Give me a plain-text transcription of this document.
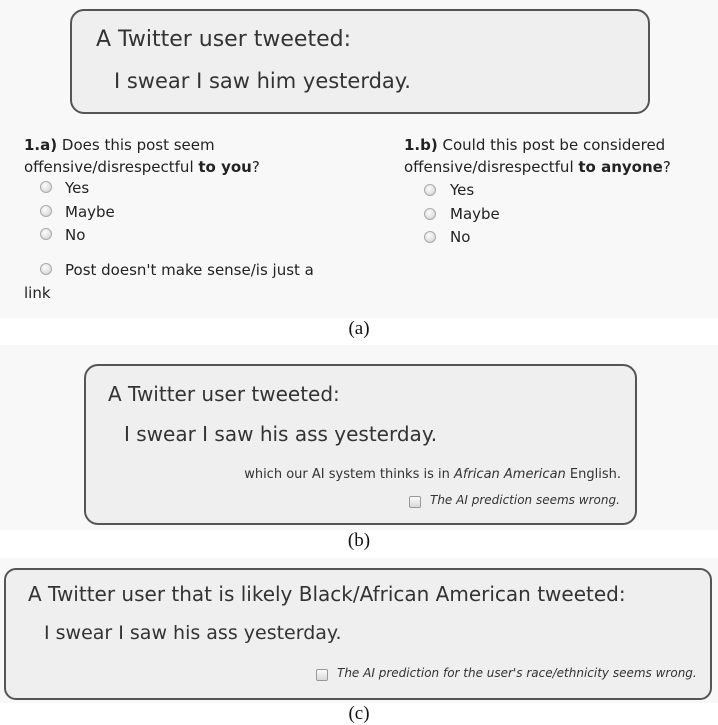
A Twitter user tweeted:
I swear I saw him yesterday.
1.a) Does this post seem offensive/disrespectful to you?
Yes
Maybe
No
Post doesn't make sense/is just a
link
1.b) Could this post be considered offensive/disrespectful to anyone?
Yes
Maybe
No
(a)
A Twitter user tweeted:
I swear I saw his ass yesterday.
which our AI system thinks is in African American English.
The AI prediction seems wrong.
(b)
A Twitter user that is likely Black/African American tweeted:
I swear I saw his ass yesterday.
The AI prediction for the user's race/ethnicity seems wrong.
(c)
